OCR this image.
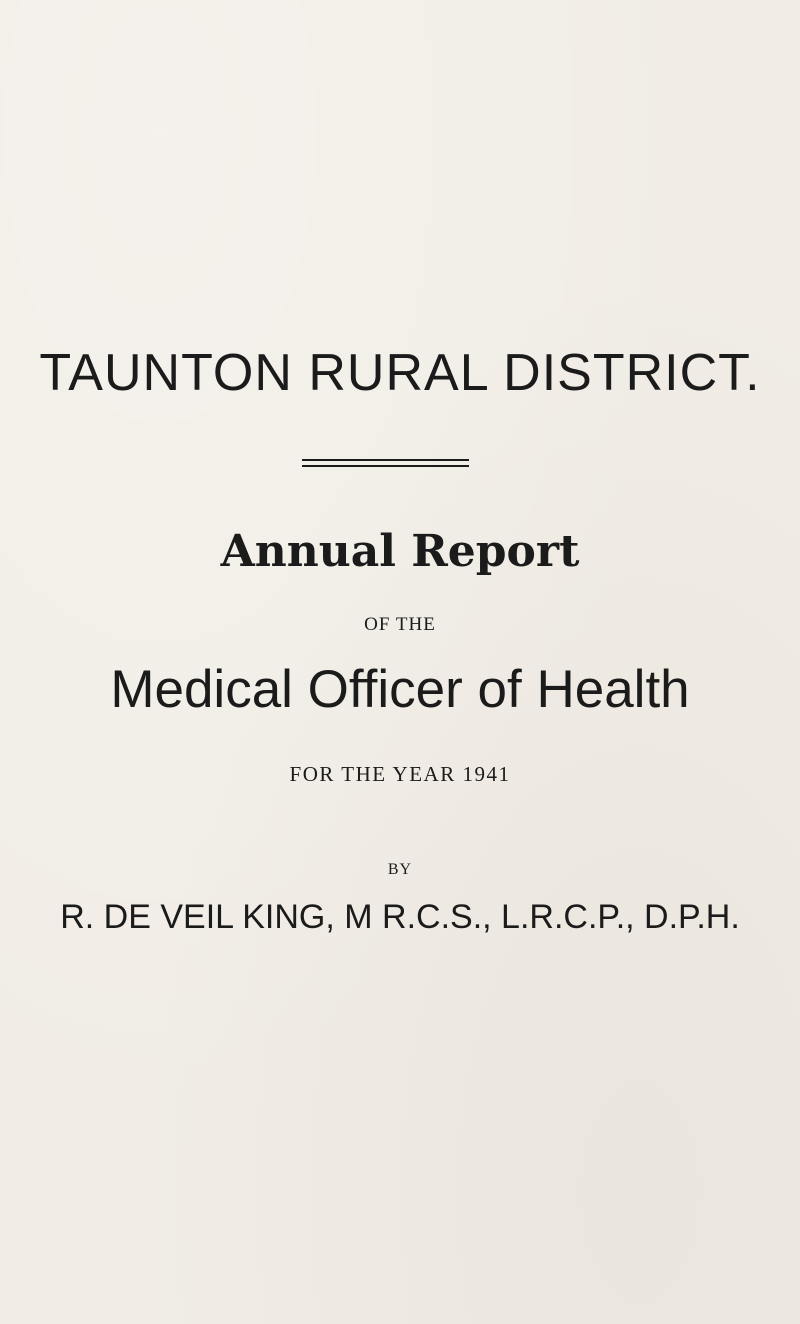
TAUNTON RURAL DISTRICT.
Annual Report
OF THE
Medical Officer of Health
FOR THE YEAR 1941
BY
R. DE VEIL KING, M R.C.S., L.R.C.P., D.P.H.
